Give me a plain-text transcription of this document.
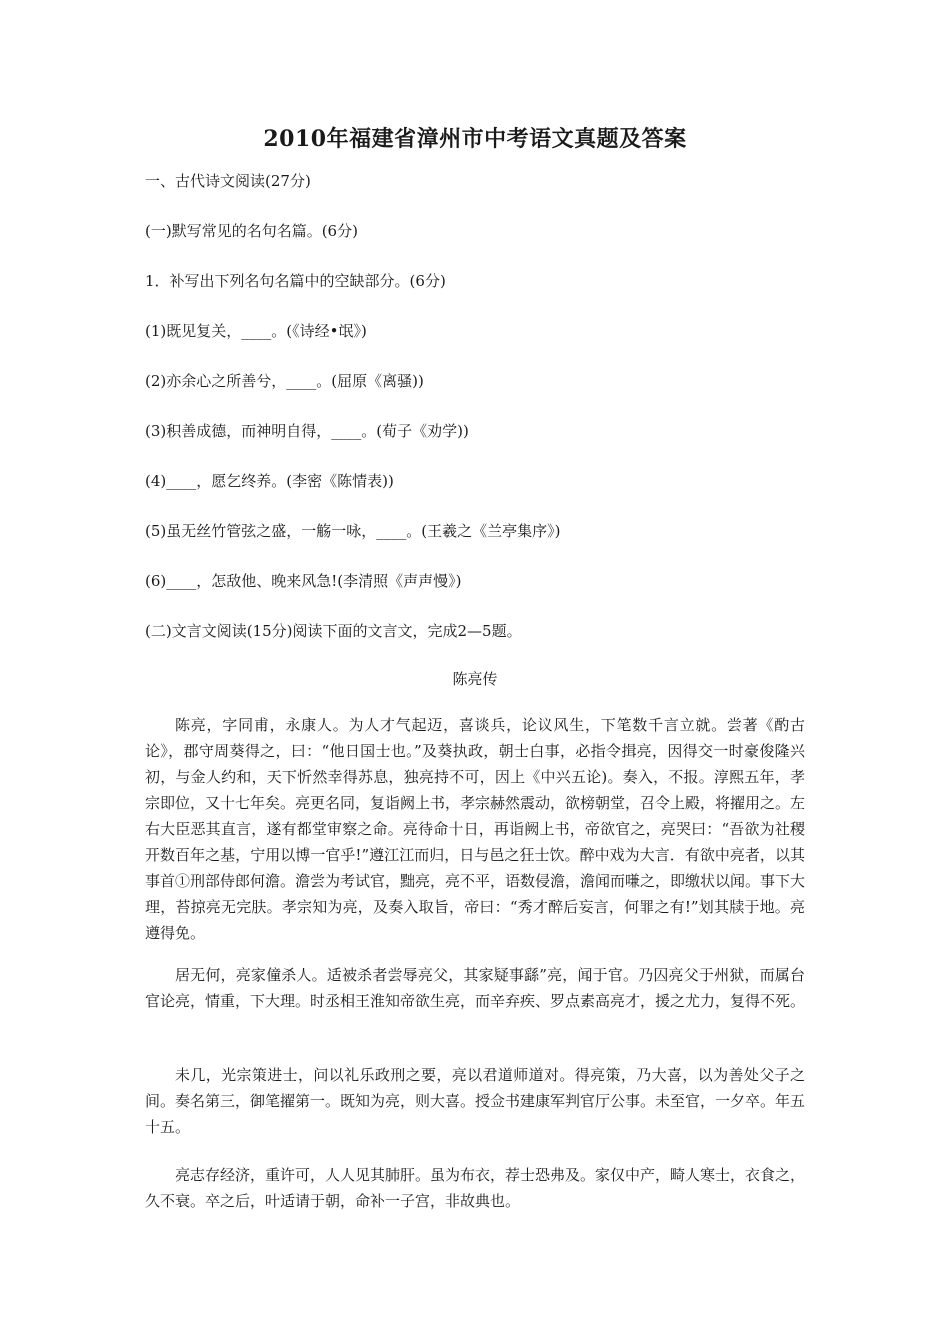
2010年福建省漳州市中考语文真题及答案

一、古代诗文阅读(27分)

(一)默写常见的名句名篇。(6分)

1．补写出下列名句名篇中的空缺部分。(6分)

(1)既见复关，____。(《诗经•氓》)

(2)亦余心之所善兮，____。(屈原《离骚))

(3)积善成德，而神明自得，____。(荀子《劝学))

(4)____，愿乞终养。(李密《陈情表))

(5)虽无丝竹管弦之盛，一觞一咏，____。(王羲之《兰亭集序》)

(6)____，怎敌他、晚来风急!(李清照《声声慢》)

(二)文言文阅读(15分)阅读下面的文言文，完成2—5题。

陈亮传

陈亮，字同甫，永康人。为人才气起迈，喜谈兵，论议风生，下笔数千言立就。尝著《酌古论》，郡守周葵得之，曰：“他日国士也。”及葵执政，朝士白事，必指令揖亮，因得交一时豪俊隆兴初，与金人约和，天下忻然幸得苏息，独亮持不可，因上《中兴五论)。奏入，不报。淳熙五年，孝宗即位，又十七年矣。亮更名同，复诣阙上书，孝宗赫然震动，欲榜朝堂，召令上殿，将擢用之。左右大臣恶其直言，遂有都堂审察之命。亮待命十日，再诣阙上书，帝欲官之，亮哭曰：“吾欲为社稷开数百年之基，宁用以博一官乎!”遵江江而归，日与邑之狂士饮。醉中戏为大言．有欲中亮者，以其事首①刑部侍郎何澹。澹尝为考试官，黜亮，亮不平，语数侵澹，澹闻而嗛之，即缴状以闻。事下大理，苔掠亮无完肤。孝宗知为亮，及奏入取旨，帝曰：“秀才醉后妄言，何罪之有!”划其牍于地。亮遵得免。

居无何，亮家僮杀人。适被杀者尝辱亮父，其家疑事繇”亮，闻于官。乃囚亮父于州狱，而属台官论亮，情重，下大理。时丞相王淮知帝欲生亮，而辛弃疾、罗点素高亮才，援之尤力，复得不死。

未几，光宗策进士，问以礼乐政刑之要，亮以君道师道对。得亮策，乃大喜，以为善处父子之间。奏名第三，御笔擢第一。既知为亮，则大喜。授佥书建康军判官厅公事。未至官，一夕卒。年五十五。

亮志存经济，重许可，人人见其肺肝。虽为布衣，荐士恐弗及。家仅中产，畸人寒士，衣食之，久不衰。卒之后，叶适请于朝，命补一子宫，非故典也。
